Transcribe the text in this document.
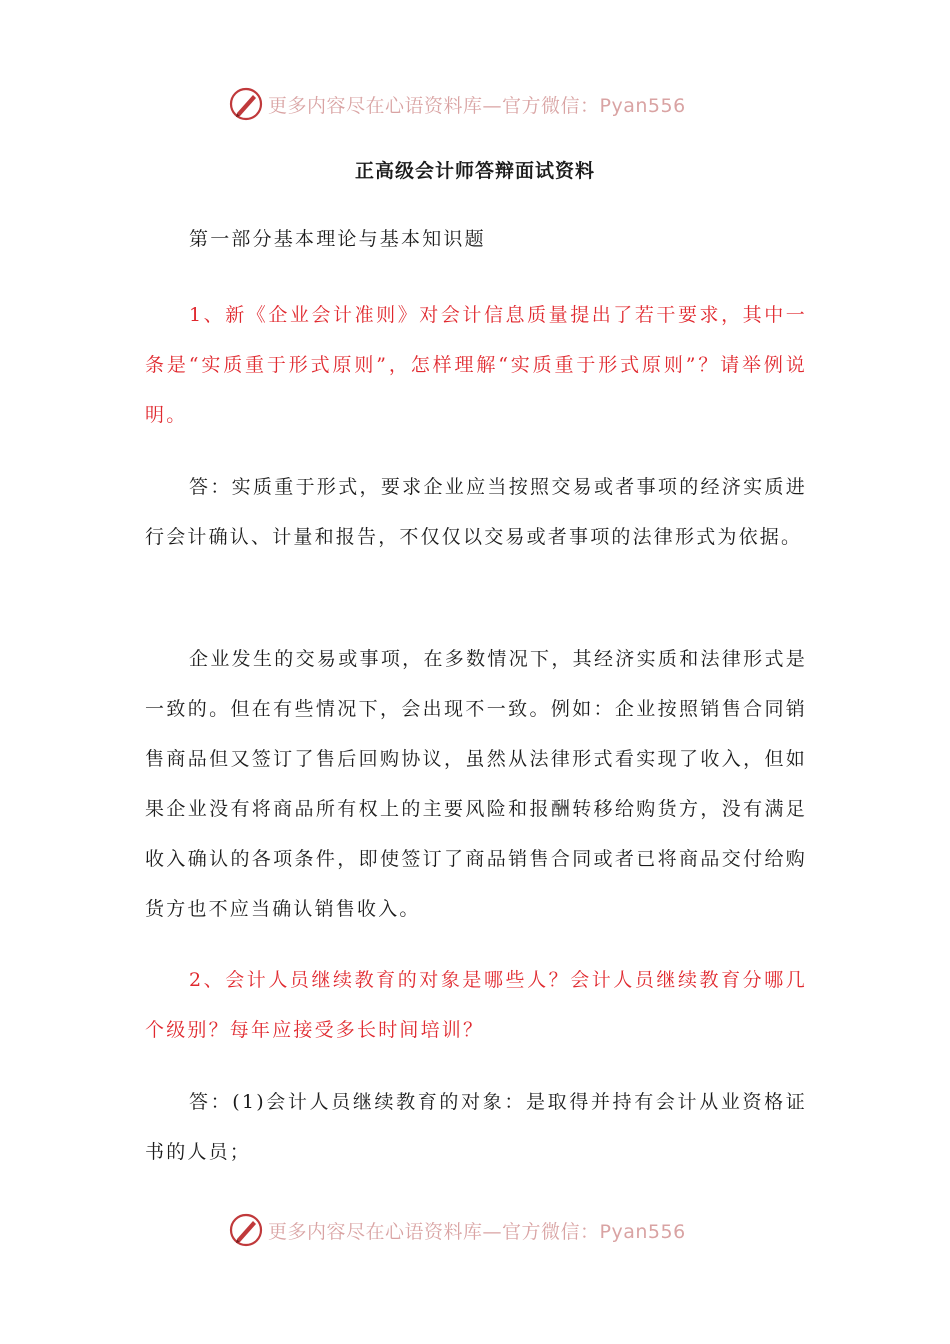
更多内容尽在心语资料库—官方微信：Pyan556
正高级会计师答辩面试资料

第一部分基本理论与基本知识题

1、新《企业会计准则》对会计信息质量提出了若干要求，其中一条是“实质重于形式原则”，怎样理解“实质重于形式原则”？请举例说明。

答：实质重于形式，要求企业应当按照交易或者事项的经济实质进行会计确认、计量和报告，不仅仅以交易或者事项的法律形式为依据。

企业发生的交易或事项，在多数情况下，其经济实质和法律形式是一致的。但在有些情况下，会出现不一致。例如：企业按照销售合同销售商品但又签订了售后回购协议，虽然从法律形式看实现了收入，但如果企业没有将商品所有权上的主要风险和报酬转移给购货方，没有满足收入确认的各项条件，即使签订了商品销售合同或者已将商品交付给购货方也不应当确认销售收入。

2、会计人员继续教育的对象是哪些人？会计人员继续教育分哪几个级别？每年应接受多长时间培训？

答：(1)会计人员继续教育的对象：是取得并持有会计从业资格证书的人员；

更多内容尽在心语资料库—官方微信：Pyan556
